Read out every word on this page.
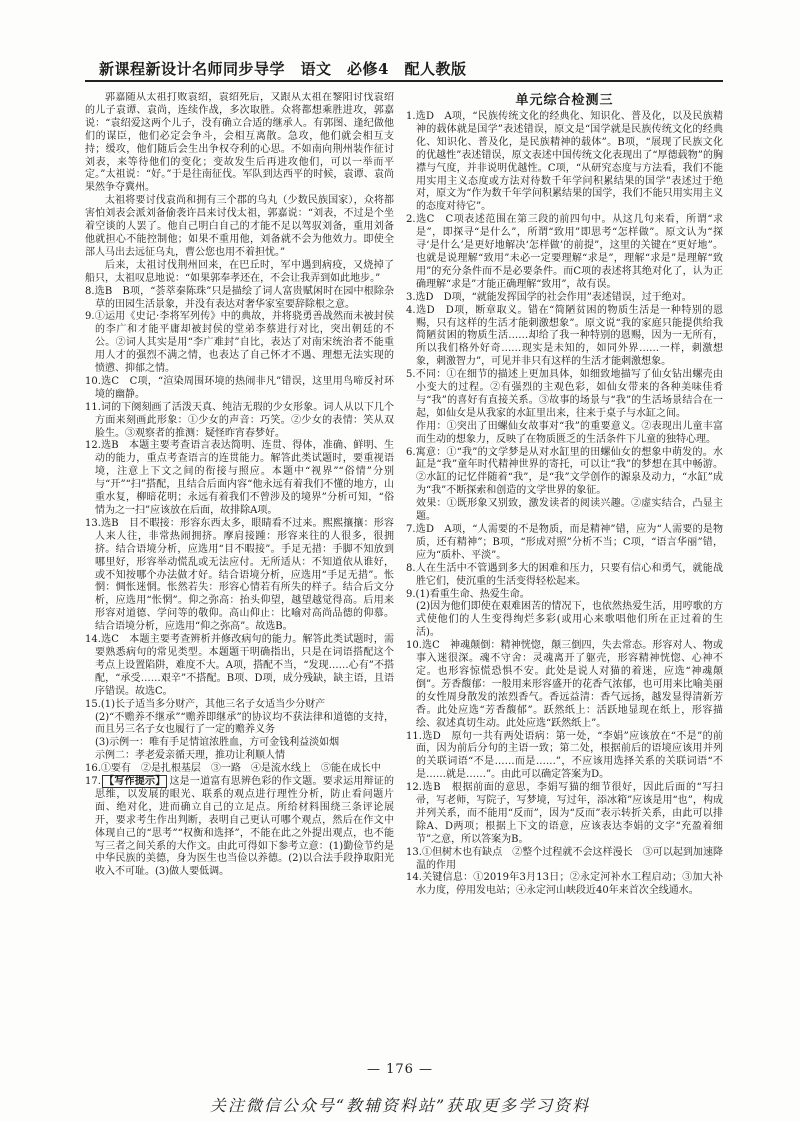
新课程新设计名师同步导学　语文　必修4　配人教版

郭嘉随从太祖打败袁绍，袁绍死后，又跟从太祖在黎阳讨伐袁绍的儿子袁谭、袁尚，连续作战，多次取胜。众将都想乘胜进攻，郭嘉说：“袁绍爱这两个儿子，没有确立合适的继承人。有郭图、逢纪做他们的谋臣，他们必定会争斗，会相互离散。急攻，他们就会相互支持；缓攻，他们随后会生出争权夺利的心思。不如南向荆州装作征讨刘表，来等待他们的变化；变故发生后再进攻他们，可以一举而平定。”太祖说：“好。”于是往南征伐。军队到达西平的时候，袁谭、袁尚果然争夺冀州。

太祖将要讨伐袁尚和拥有三个郡的乌丸（少数民族国家），众将都害怕刘表会派刘备偷袭许昌来讨伐太祖，郭嘉说：“刘表，不过是个坐着空谈的人罢了。他自己明白自己的才能不足以驾驭刘备，重用刘备他就担心不能控制他；如果不重用他，刘备就不会为他效力。即使全部人马出去远征乌丸，曹公您也用不着担忧。”

后来，太祖讨伐荆州回来，在巴丘时，军中遇到病疫，又烧掉了船只，太祖叹息地说：“如果郭奉孝还在，不会让我弄到如此地步。”

8.选B　B项，“荟萃秦陈珠”只是描绘了词人富贵赋闲时在园中根除杂草的田园生活景象，并没有表达对奢华家室要辞除根之意。
9.①运用《史记·李将军列传》中的典故，并将骁勇善战然而未被封侯的李广和才能平庸却被封侯的堂弟李蔡进行对比，突出朝廷的不公。②词人其实是用“李广难封”自比，表达了对南宋统治者不能重用人才的强烈不满之情，也表达了自己怀才不遇、理想无法实现的愤懑、抑郁之情。
10.选C　C项，“渲染周围环境的热闹非凡”错误，这里用鸟啼反衬环境的幽静。
11.词的下阕刻画了活泼天真、纯洁无瑕的少女形象。词人从以下几个方面来刻画此形象：①少女的声音：巧笑。②少女的表情：笑从双脸生。③观察者的推测：疑怪昨宵春梦好。
12.选B　本题主要考查语言表达简明、连贯、得体，准确、鲜明、生动的能力，重点考查语言的连贯能力。解答此类试题时，要重视语境，注意上下文之间的衔接与照应。本题中“视界”“俗情”分别与“开”“扫”搭配，且结合后面内容“他永远有着我们不懂的地方，山重水复，柳暗花明；永远有着我们不曾涉及的境界”分析可知，“俗情为之一扫”应该放在后面，故排除A项。
13.选B　目不暇接：形容东西太多，眼睛看不过来。熙熙攘攘：形容人来人往，非常热闹拥挤。摩肩接踵：形容来往的人很多，很拥挤。结合语境分析，应选用“目不暇接”。手足无措：手脚不知放到哪里好，形容举动慌乱或无法应付。无所适从：不知道依从谁好，或不知按哪个办法做才好。结合语境分析，应选用“手足无措”。怅惘：惆怅迷惘。怅然若失：形容心情若有所失的样子。结合后文分析，应选用“怅惘”。仰之弥高：抬头仰望，越望越觉得高。后用来形容对道德、学问等的敬仰。高山仰止：比喻对高尚品德的仰慕。结合语境分析，应选用“仰之弥高”。故选B。
14.选C　本题主要考查辨析并修改病句的能力。解答此类试题时，需要熟悉病句的常见类型。本题题干明确指出，只是在词语搭配这个考点上设置陷阱，难度不大。A项，搭配不当，“发现……心有”不搭配，“承受……艰辛”不搭配。B项、D项，成分残缺，缺主语，且语序错误。故选C。
15.(1)长子适当多分财产，其他三名子女适当少分财产
(2)“不赡养不继承”“赡养即继承”的协议均不获法律和道德的支持，而且另三名子女也履行了一定的赡养义务
(3)示例一：唯有手足情谊浓胜血，方可金钱利益淡如烟
示例二：孝老爱亲循天理，推功让利顺人情
16.①要有　②是扎根基层　③一路　④是流水线上　⑤能在成长中
17. 【写作提示】 这是一道富有思辨色彩的作文题。要求运用辩证的思维，以发展的眼光、联系的观点进行理性分析，防止看问题片面、绝对化，进而确立自己的立足点。所给材料围绕三条评论展开，要求考生作出判断，表明自己更认可哪个观点，然后在作文中体现自己的“思考”“权衡和选择”，不能在此之外提出观点，也不能写三者之间关系的大作文。由此可得如下参考立意：(1)勤俭节约是中华民族的美德，身为医生也当俭以养德。(2)以合法手段挣取阳光收入不可耻。(3)做人要低调。
单元综合检测三
1.选D　A项，“民族传统文化的经典化、知识化、普及化，以及民族精神的载体就是国学”表述错误，原文是“国学就是民族传统文化的经典化、知识化、普及化，是民族精神的载体”。B项，“展现了民族文化的优越性”表述错误，原文表述中国传统文化表现出了“厚德载物”的胸襟与气度，并非说明优越性。C项，“从研究态度与方法看，我们不能用实用主义态度或方法对待数千年学问积累结果的国学”表述过于绝对，原文为“作为数千年学问积累结果的国学，我们不能只用实用主义的态度对待它”。
2.选C　C项表述范围在第三段的前四句中。从这几句来看，所谓“求是”，即探寻“是什么”，所谓“致用”即思考“怎样做”。原文认为“探寻‘是什么’是更好地解决‘怎样做’的前提”，这里的关键在“更好地”。也就是说理解“致用”未必一定要理解“求是”，理解“求是”是理解“致用”的充分条件而不是必要条件。而C项的表述将其绝对化了，认为正确理解“求是”才能正确理解“致用”，故有误。
3.选D　D项，“就能发挥国学的社会作用”表述错误，过于绝对。
4.选D　D项，断章取义。错在“简陋贫困的物质生活是一种特别的恩赐，只有这样的生活才能刺激想象”。原文说“我的家庭只能提供给我简陋贫困的物质生活……却给了我一种特别的恩赐，因为一无所有，所以我们格外好奇……现实是未知的，如同外界……一样，刺激想象，刺激智力”，可见并非只有这样的生活才能刺激想象。
5.不同：①在细节的描述上更加具体，如细致地描写了仙女钻出螺壳由小变大的过程。②有强烈的主观色彩，如仙女带来的各种美味佳肴与“我”的喜好有直接关系。③故事的场景与“我”的生活场景结合在一起，如仙女是从我家的水缸里出来，往来于桌子与水缸之间。
作用：①突出了田螺仙女故事对“我”的重要意义。②表现出儿童丰富而生动的想象力，反映了在物质匮乏的生活条件下儿童的独特心理。
6.寓意：①“我”的文学梦是从对水缸里的田螺仙女的想象中萌发的。水缸是“我”童年时代精神世界的寄托，可以让“我”的梦想在其中畅游。②水缸的记忆伴随着“我”，是“我”文学创作的源泉及动力，“水缸”成为“我”不断探索和创造的文学世界的象征。
效果：①既形象又别致，激发读者的阅读兴趣。②虚实结合，凸显主题。
7.选D　A项，“人需要的不是物质，而是精神”错，应为“人需要的是物质，还有精神”；B项，“形成对照”分析不当；C项，“语言华丽”错，应为“质朴、平淡”。
8.人在生活中不管遇到多大的困难和压力，只要有信心和勇气，就能战胜它们，使沉重的生活变得轻松起来。
9.(1)看重生命、热爱生命。
(2)因为他们即使在艰难困苦的情况下，也依然热爱生活，用哼歌的方式使他们的人生变得绚烂多彩(或用心来歌唱他们所在正过着的生活)。
10.选C　神魂颠倒：精神恍惚，颠三倒四，失去常态。形容对人、物或事入迷很深。魂不守舍：灵魂离开了躯壳，形容精神恍惚、心神不定。也形容惊慌恐惧不安。此处是说人对猫的着迷，应选“神魂颠倒”。芳香馥郁：一般用来形容盛开的花香气浓郁，也可用来比喻美丽的女性周身散发的浓烈香气。香远益清：香气远扬，越发显得清新芳香。此处应选“芳香馥郁”。跃然纸上：活跃地显现在纸上，形容描绘、叙述真切生动。此处应选“跃然纸上”。
11.选D　原句一共有两处语病：第一处，“李娟”应该放在“不是”的前面，因为前后分句的主语一致；第二处，根据前后的语境应该用并列的关联词语“不是……而是……”，不应该用选择关系的关联词语“不是……就是……”。由此可以确定答案为D。
12.选B　根据前面的意思，李娟写猫的细节很好，因此后面的“写扫帚，写老师，写院子，写梦境，写过年，添冰箱”应该是用“也”，构成并列关系，而不能用“反而”，因为“反而”表示转折关系，由此可以排除A、D两项；根据上下文的语意，应该表达李娟的文字“充盈着细节”之意，所以答案为B。
13.①但树木也有缺点　②整个过程就不会这样漫长　③可以起到加速降温的作用
14.关键信息：①2019年3月13日；②永定河补水工程启动；③加大补水力度，停用发电站；④永定河山峡段近40年来首次全线通水。
— 176 —
关注微信公众号“教辅资料站”获取更多学习资料
